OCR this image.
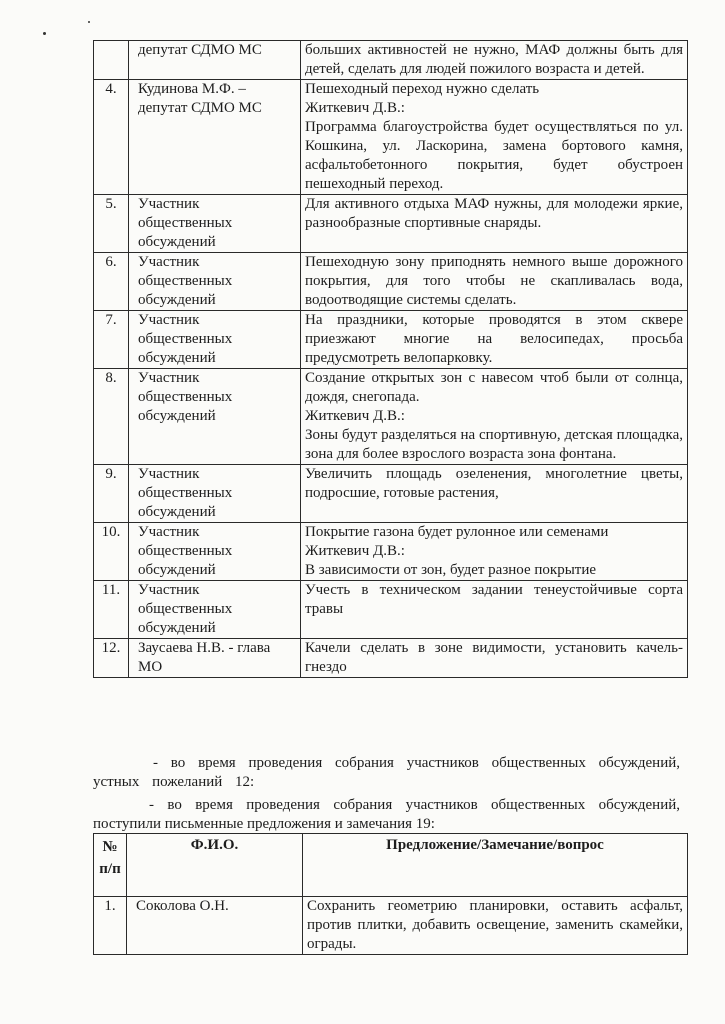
	депутат СДМО МС	больших активностей не нужно, МАФ должны быть для детей, сделать для людей пожилого возраста и детей.

4.	Кудинова М.Ф. – депутат СДМО МС	Пешеходный переход нужно сделать
Житкевич Д.В.:
Программа благоустройства будет осуществляться по ул. Кошкина, ул. Ласкорина, замена бортового камня, асфальтобетонного покрытия, будет обустроен пешеходный переход.

5.	Участник общественных обсуждений	Для активного отдыха МАФ нужны, для молодежи яркие, разнообразные спортивные снаряды.

6.	Участник общественных обсуждений	Пешеходную зону приподнять немного выше дорожного покрытия, для того чтобы не скапливалась вода, водоотводящие системы сделать.

7.	Участник общественных обсуждений	На праздники, которые проводятся в этом сквере приезжают многие на велосипедах, просьба предусмотреть велопарковку.

8.	Участник общественных обсуждений	Создание открытых зон с навесом чтоб были от солнца, дождя, снегопада.
Житкевич Д.В.:
Зоны будут разделяться на спортивную, детская площадка, зона для более взрослого возраста зона фонтана.

9.	Участник общественных обсуждений	Увеличить площадь озеленения, многолетние цветы, подросшие, готовые растения,

10.	Участник общественных обсуждений	Покрытие газона будет рулонное или семенами
Житкевич Д.В.:
В зависимости от зон, будет разное покрытие

11.	Участник общественных обсуждений	Учесть в техническом задании тенеустойчивые сорта травы

12.	Заусаева Н.В. - глава МО	Качели сделать в зоне видимости, установить качель-гнездо
- во время проведения собрания участников общественных обсуждений, устных пожеланий 12:
- во время проведения собрания участников общественных обсуждений, поступили письменные предложения и замечания 19:
№ п/п	Ф.И.О.	Предложение/Замечание/вопрос
1.	Соколова О.Н.	Сохранить геометрию планировки, оставить асфальт, против плитки, добавить освещение, заменить скамейки, ограды.
